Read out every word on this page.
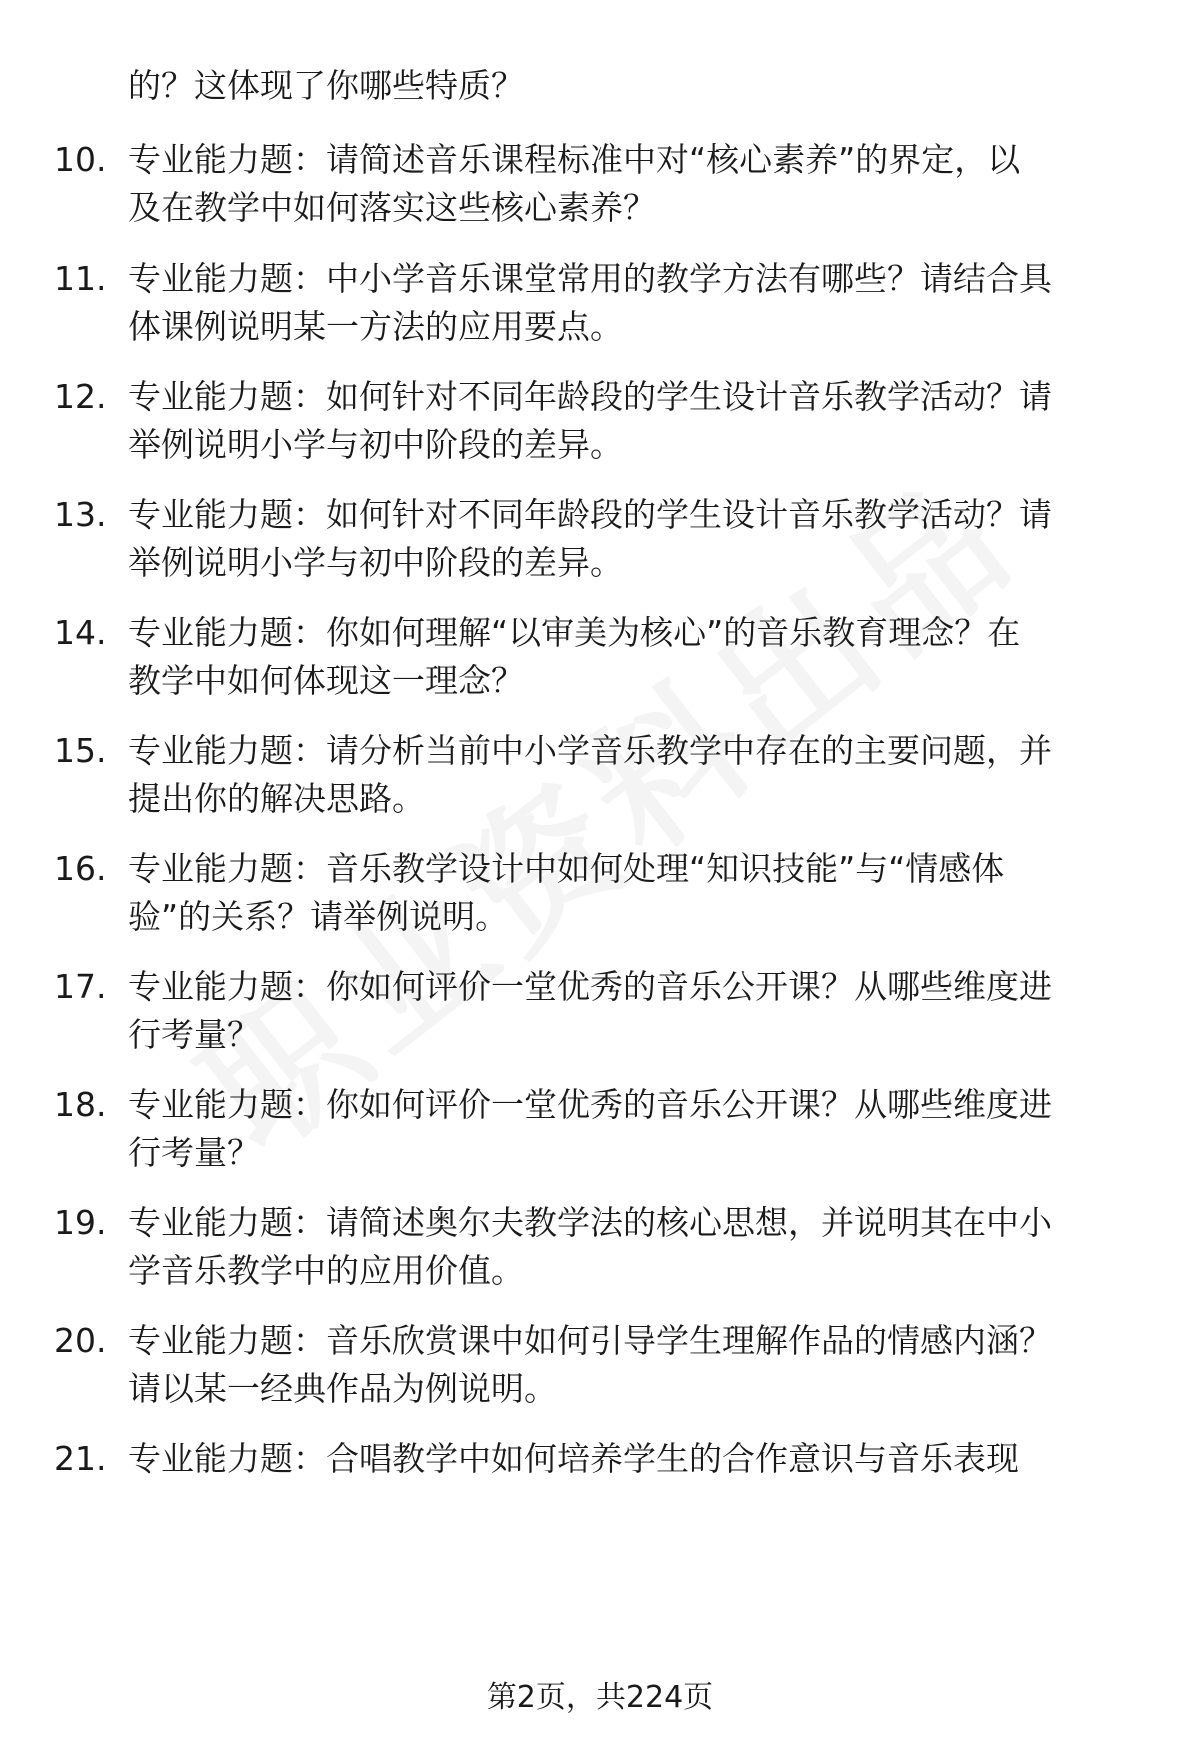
的？这体现了你哪些特质？
10. 专业能力题：请简述音乐课程标准中对“核心素养”的界定，以
及在教学中如何落实这些核心素养？
11. 专业能力题：中小学音乐课堂常用的教学方法有哪些？请结合具
体课例说明某一方法的应用要点。
12. 专业能力题：如何针对不同年龄段的学生设计音乐教学活动？请
举例说明小学与初中阶段的差异。
13. 专业能力题：如何针对不同年龄段的学生设计音乐教学活动？请
举例说明小学与初中阶段的差异。
14. 专业能力题：你如何理解“以审美为核心”的音乐教育理念？在
教学中如何体现这一理念？
15. 专业能力题：请分析当前中小学音乐教学中存在的主要问题，并
提出你的解决思路。
16. 专业能力题：音乐教学设计中如何处理“知识技能”与“情感体
验”的关系？请举例说明。
17. 专业能力题：你如何评价一堂优秀的音乐公开课？从哪些维度进
行考量？
18. 专业能力题：你如何评价一堂优秀的音乐公开课？从哪些维度进
行考量？
19. 专业能力题：请简述奥尔夫教学法的核心思想，并说明其在中小
学音乐教学中的应用价值。
20. 专业能力题：音乐欣赏课中如何引导学生理解作品的情感内涵？
请以某一经典作品为例说明。
21. 专业能力题：合唱教学中如何培养学生的合作意识与音乐表现
第2页，共224页
